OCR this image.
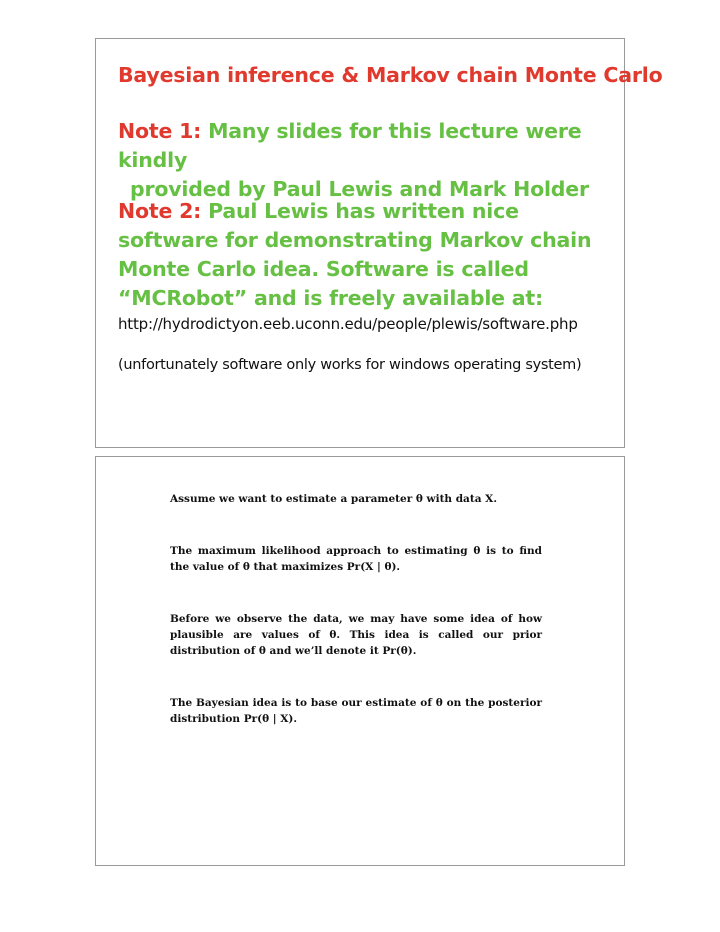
Bayesian inference & Markov chain Monte Carlo

Note 1: Many slides for this lecture were kindly
provided by Paul Lewis and Mark Holder

Note 2: Paul Lewis has written nice software for demonstrating Markov chain Monte Carlo idea. Software is called “MCRobot” and is freely available at:

http://hydrodictyon.eeb.uconn.edu/people/plewis/software.php

(unfortunately software only works for windows operating system)

Assume we want to estimate a parameter θ with data X.

The maximum likelihood approach to estimating θ is to find the value of θ that maximizes Pr(X | θ).

Before we observe the data, we may have some idea of how plausible are values of θ. This idea is called our prior distribution of θ and we’ll denote it Pr(θ).

The Bayesian idea is to base our estimate of θ on the posterior distribution Pr(θ | X).
